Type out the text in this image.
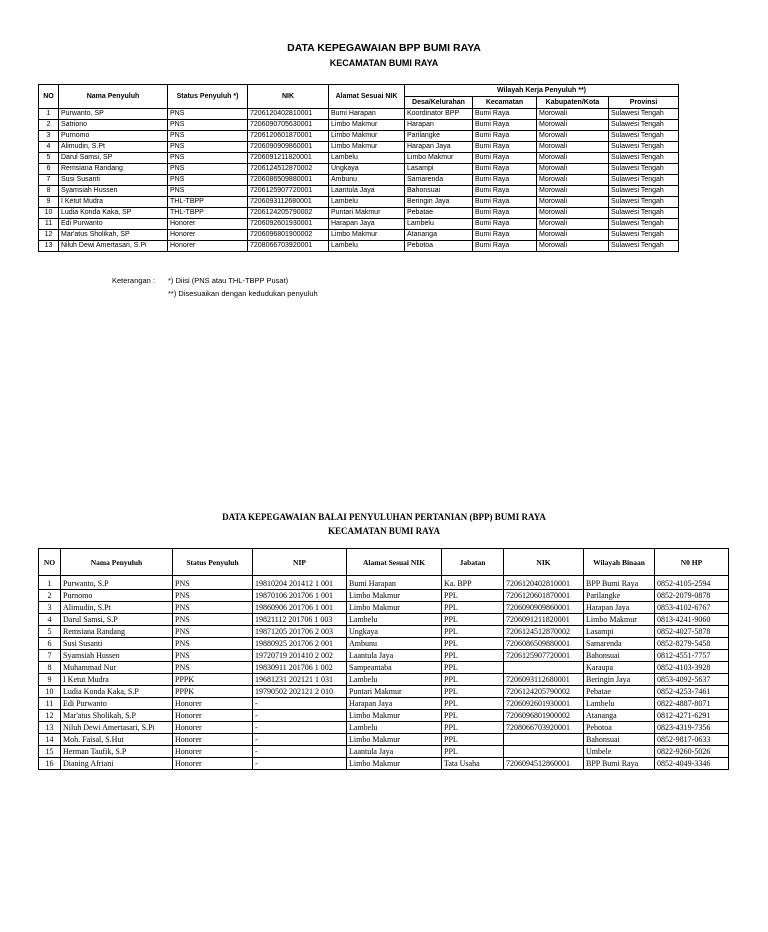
DATA KEPEGAWAIAN BPP BUMI RAYA
KECAMATAN BUMI RAYA
NO	Nama Penyuluh	Status Penyuluh *)	NIK	Alamat Sesuai NIK	Wilayah Kerja Penyuluh **)			
					Desa/Kelurahan	Kecamatan	Kabupaten/Kota	Provinsi
1	Purwanto, SP	PNS	7206120402810001	Bumi Harapan	Koordinator BPP	Bumi Raya	Morowali	Sulawesi Tengah
2	Satriono	PNS	7206090705630001	Limbo Makmur	Harapan	Bumi Raya	Morowali	Sulawesi Tengah
3	Purnomo	PNS	7206120601870001	Limbo Makmur	Parilangke	Bumi Raya	Morowali	Sulawesi Tengah
4	Alimudin, S.Pt	PNS	7206090909860001	Limbo Makmur	Harapan Jaya	Bumi Raya	Morowali	Sulawesi Tengah
5	Darul Samsi, SP	PNS	7206091211820001	Lambelu	Limbo Makmur	Bumi Raya	Morowali	Sulawesi Tengah
6	Remsiana Randang	PNS	7206124512870002	Ungkaya	Lasampi	Bumi Raya	Morowali	Sulawesi Tengah
7	Susi Susanti	PNS	7206086509880001	Ambunu	Samarenda	Bumi Raya	Morowali	Sulawesi Tengah
8	Syamsiah Hussen	PNS	7206125907720001	Laantula Jaya	Bahonsuai	Bumi Raya	Morowali	Sulawesi Tengah
9	I Ketut Mudra	THL-TBPP	7206093112680001	Lambelu	Beringin Jaya	Bumi Raya	Morowali	Sulawesi Tengah
10	Ludia Konda Kaka, SP	THL-TBPP	7206124205790002	Puntari Makmur	Pebatae	Bumi Raya	Morowali	Sulawesi Tengah
11	Edi Purwanto	Honorer	7206092601930001	Harapan Jaya	Lambelu	Bumi Raya	Morowali	Sulawesi Tengah
12	Mar'atus Sholikah, SP	Honorer	7206096801900002	Limbo Makmur	Atananga	Bumi Raya	Morowali	Sulawesi Tengah
13	Niluh Dewi Amertasari, S.Pi	Honorer	7208066703920001	Lambelu	Pebotoa	Bumi Raya	Morowali	Sulawesi Tengah
Keterangan : *) Diisi (PNS atau THL-TBPP Pusat)
**) Disesuaikan dengan kedudukan penyuluh
DATA KEPEGAWAIAN BALAI PENYULUHAN PERTANIAN (BPP) BUMI RAYA
KECAMATAN BUMI RAYA
NO	Nama Penyuluh	Status Penyuluh	NIP	Alamat Sesuai NIK	Jabatan	NIK	Wilayah Binaan	N0 HP
1	Purwanto, S.P	PNS	19810204 201412 1 001	Bumi Harapan	Ka. BPP	7206120402810001	BPP Bumi Raya	0852-4105-2594
2	Purnomo	PNS	19870106 201706 1 001	Limbo Makmur	PPL	7206120601870001	Parilangke	0852-2079-0878
3	Alimudin, S.Pt	PNS	19860906 201706 1 001	Limbo Makmur	PPL	7206090909860001	Harapan Jaya	0853-4102-6767
4	Darul Samsi, S.P	PNS	19821112 201706 1 003	Lambelu	PPL	7206091211820001	Limbo Makmur	0813-4241-9060
5	Remsiana Randang	PNS	19871205 201706 2 003	Ungkaya	PPL	7206124512870002	Lasampi	0852-4027-5878
6	Susi Susanti	PNS	19880925 201706 2 001	Ambunu	PPL	7206086509880001	Samarenda	0852-8279-5458
7	Syamsiah Hussen	PNS	19720719 201410 2 002	Laantula Jaya	PPL	7206125907720001	Bahonsuai	0812-4551-7757
8	Muhammad Nur	PNS	19830911 201706 1 002	Sampeantaba	PPL		Karaupa	0852-4103-3928
9	I Ketut Mudra	PPPK	19681231 202121 1 031	Lambelu	PPL	7206093112680001	Beringin Jaya	0853-4092-5637
10	Ludia Konda Kaka, S.P	PPPK	19790502 202121 2 010	Puntari Makmur	PPL	7206124205790002	Pebatae	0852-4253-7461
11	Edi Purwanto	Honorer	-	Harapan Jaya	PPL	7206092601930001	Lambelu	0822-4887-8071
12	Mar'atus Sholikah, S.P	Honorer	-	Limbo Makmur	PPL	7206096801900002	Atananga	0812-4271-6291
13	Niluh Dewi Amertasari, S.Pi	Honorer	-	Lambelu	PPL	7208066703920001	Pebotoa	0823-4319-7356
14	Moh. Faisal, S.Hut	Honorer	-	Limbo Makmur	PPL		Bahonsuai	0852-9817-0633
15	Herman Taufik, S.P	Honorer	-	Laantula Jaya	PPL		Umbele	0822-9260-5026
16	Dianing Afriani	Honorer	-	Limbo Makmur	Tata Usaha	7206094512860001	BPP Bumi Raya	0852-4049-3346
